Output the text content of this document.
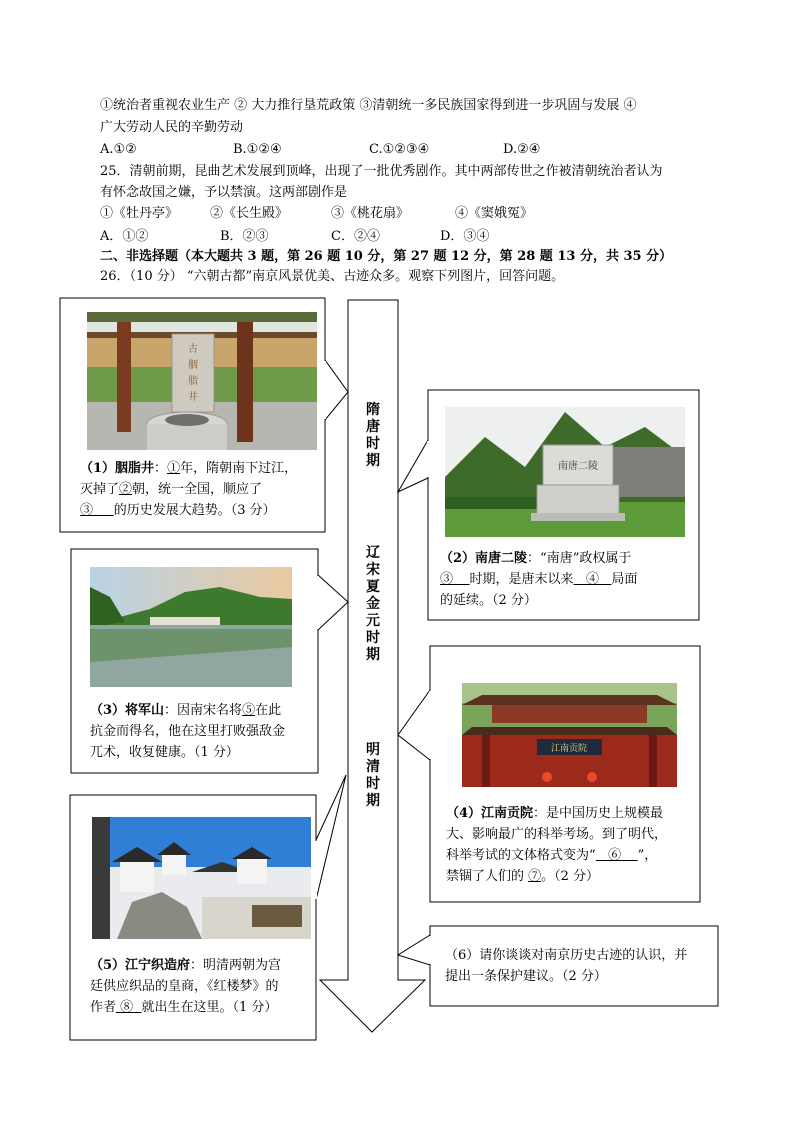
①统治者重视农业生产 ② 大力推行垦荒政策 ③清朝统一多民族国家得到进一步巩固与发展 ④
广大劳动人民的辛勤劳动
A.①②	B.①②④	C.①②③④	D.②④
25．清朝前期，昆曲艺术发展到顶峰，出现了一批优秀剧作。其中两部传世之作被清朝统治者认为
有怀念故国之嫌，予以禁演。这两部剧作是
①《牡丹亭》 ②《长生殿》	③《桃花扇》	④《窦娥冤》
A．①②	B．②③	C．②④	D．③④
二、非选择题（本大题共 3 题，第 26 题 10 分，第 27 题 12 分，第 28 题 13 分，共 35 分）
26．（10 分） “六朝古都”南京风景优美、古迹众多。观察下列图片，回答问题。
隋唐时期
辽宋夏金元时期
明清时期
古
胭
脂
井
（1）胭脂井：①年，隋朝南下过江，
灭掉了②朝，统一全国，顺应了
③ 的历史发展大趋势。（3 分）
南唐二陵
（2）南唐二陵：“南唐”政权属于
③ 时期，是唐末以来 ④ 局面
的延续。（2 分）
（3）将军山：因南宋名将⑤在此
抗金而得名，他在这里打败强敌金
兀术，收复健康。（1 分）	江南贡院
（4）江南贡院：是中国历史上规模最
大、影响最广的科举考场。到了明代，
科举考试的文体格式变为“ ⑥ ”，
禁锢了人们的 ⑦。（2 分）
（5）江宁织造府：明清两朝为宫
廷供应织品的皇商，《红楼梦》的
作者 ⑧ 就出生在这里。（1 分）
（6）请你谈谈对南京历史古迹的认识，并
提出一条保护建议。（2 分）
